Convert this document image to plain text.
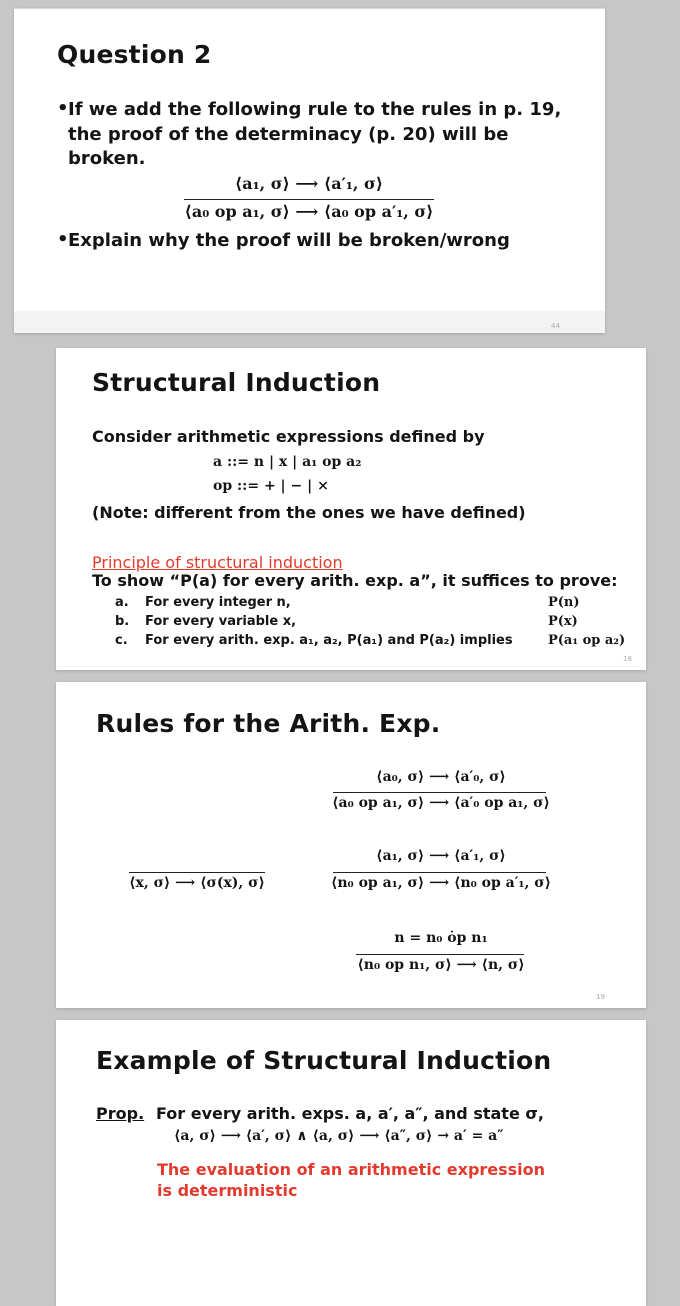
Question 2
• If we add the following rule to the rules in p. 19,
the proof of the determinacy (p. 20) will be
broken.
⟨a₁, σ⟩ ⟶ ⟨a′₁, σ⟩
⟨a₀ op a₁, σ⟩ ⟶ ⟨a₀ op a′₁, σ⟩
• Explain why the proof will be broken/wrong
44
Structural Induction
Consider arithmetic expressions defined by
a ::= n | x | a₁ op a₂
op ::= + | − | ×
(Note: different from the ones we have defined)
Principle of structural induction
To show “P(a) for every arith. exp. a”, it suffices to prove:
a. For every integer n,	P(n)
b. For every variable x,	P(x)
c. For every arith. exp. a₁, a₂, P(a₁) and P(a₂) implies	P(a₁ op a₂)
18
Rules for the Arith. Exp.
⟨a₀, σ⟩ ⟶ ⟨a′₀, σ⟩
⟨a₀ op a₁, σ⟩ ⟶ ⟨a′₀ op a₁, σ⟩
⟨a₁, σ⟩ ⟶ ⟨a′₁, σ⟩
⟨n₀ op a₁, σ⟩ ⟶ ⟨n₀ op a′₁, σ⟩
⟨x, σ⟩ ⟶ ⟨σ(x), σ⟩
n = n₀ ȯp n₁
⟨n₀ op n₁, σ⟩ ⟶ ⟨n, σ⟩
19
Example of Structural Induction
Prop. For every arith. exps. a, a′, a″, and state σ,
⟨a, σ⟩ ⟶ ⟨a′, σ⟩ ∧ ⟨a, σ⟩ ⟶ ⟨a″, σ⟩ → a′ = a″
The evaluation of an arithmetic expression
is deterministic
